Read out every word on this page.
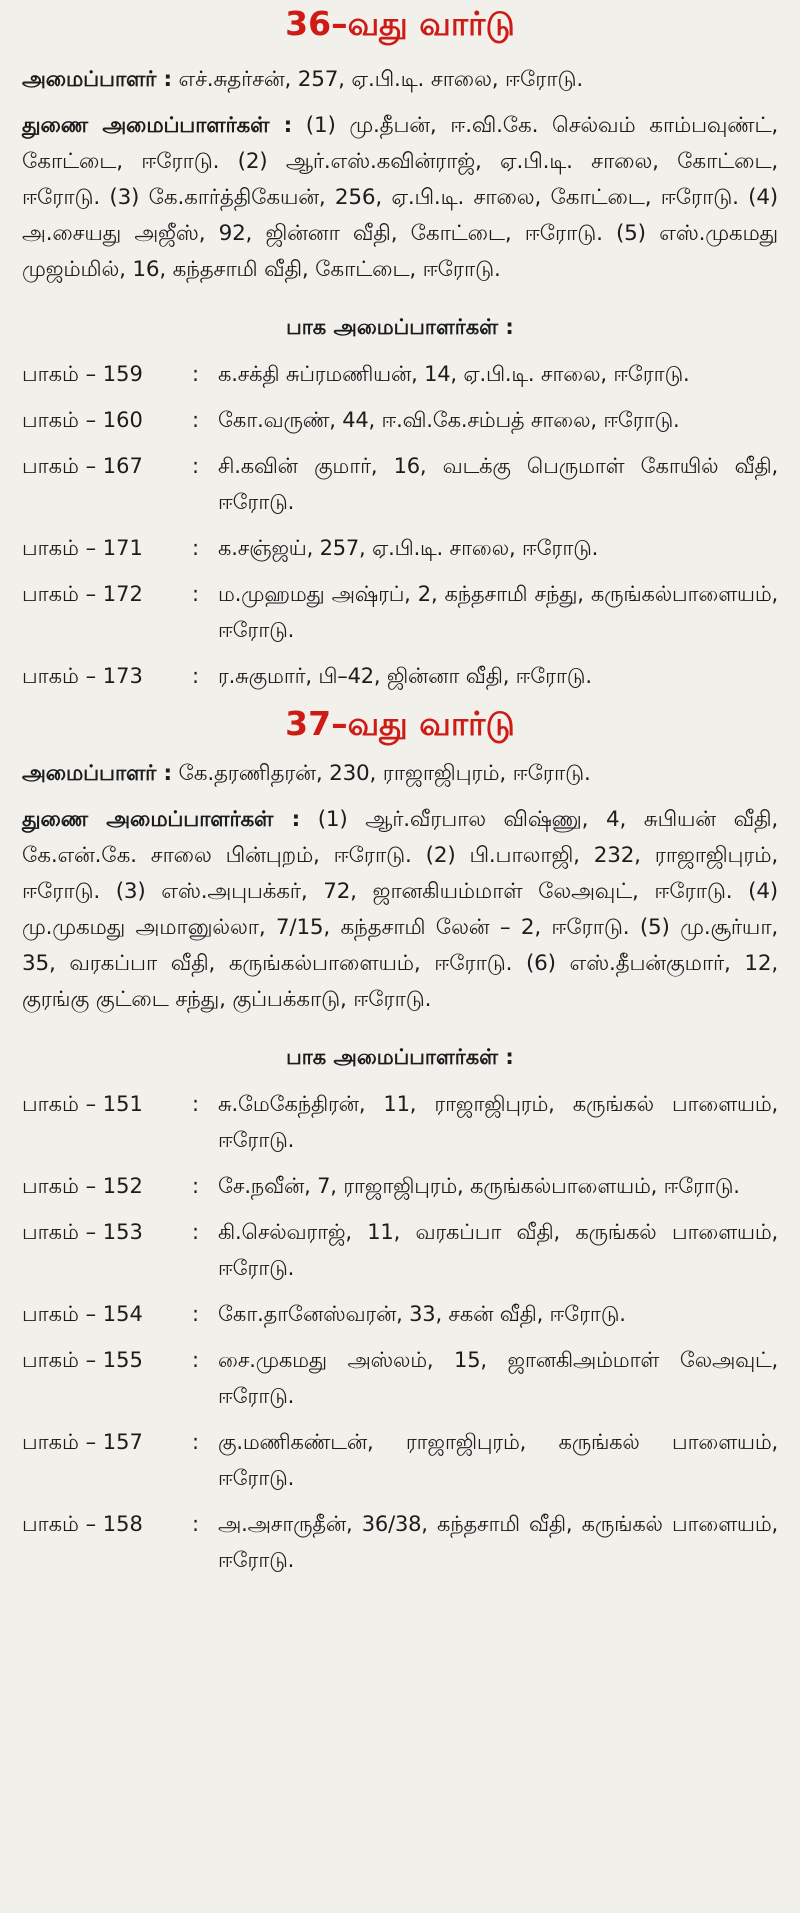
36–வது வார்டு

அமைப்பாளர் : எச்.சுதர்சன், 257, ஏ.பி.டி. சாலை, ஈரோடு.

துணை அமைப்பாளர்கள் : (1) மு.தீபன், ஈ.வி.கே. செல்வம் காம்பவுண்ட், கோட்டை, ஈரோடு. (2) ஆர்.எஸ்.கவின்ராஜ், ஏ.பி.டி. சாலை, கோட்டை, ஈரோடு. (3) கே.கார்த்திகேயன், 256, ஏ.பி.டி. சாலை, கோட்டை, ஈரோடு. (4) அ.சையது அஜீஸ், 92, ஜின்னா வீதி, கோட்டை, ஈரோடு. (5) எஸ்.முகமது முஜம்மில், 16, கந்தசாமி வீதி, கோட்டை, ஈரோடு.

பாக அமைப்பாளர்கள் :
பாகம் – 159	: க.சக்தி சுப்ரமணியன், 14, ஏ.பி.டி. சாலை, ஈரோடு.
பாகம் – 160	: கோ.வருண், 44, ஈ.வி.கே.சம்பத் சாலை, ஈரோடு.
பாகம் – 167	: சி.கவின் குமார், 16, வடக்கு பெருமாள் கோயில் வீதி, ஈரோடு.
பாகம் – 171	: க.சஞ்ஜய், 257, ஏ.பி.டி. சாலை, ஈரோடு.
பாகம் – 172	: ம.முஹமது அஷ்ரப், 2, கந்தசாமி சந்து, கருங்கல்பாளையம், ஈரோடு.
பாகம் – 173	: ர.சுகுமார், பி–42, ஜின்னா வீதி, ஈரோடு.
37–வது வார்டு

அமைப்பாளர் : கே.தரணிதரன், 230, ராஜாஜிபுரம், ஈரோடு.

துணை அமைப்பாளர்கள் : (1) ஆர்.வீரபால விஷ்ணு, 4, சுபியன் வீதி, கே.என்.கே. சாலை பின்புறம், ஈரோடு. (2) பி.பாலாஜி, 232, ராஜாஜிபுரம், ஈரோடு. (3) எஸ்.அபுபக்கர், 72, ஜானகியம்மாள் லேஅவுட், ஈரோடு. (4) மு.முகமது அமானுல்லா, 7/15, கந்தசாமி லேன் – 2, ஈரோடு. (5) மு.சூர்யா, 35, வரகப்பா வீதி, கருங்கல்பாளையம், ஈரோடு. (6) எஸ்.தீபன்குமார், 12, குரங்கு குட்டை சந்து, குப்பக்காடு, ஈரோடு.

பாக அமைப்பாளர்கள் :
பாகம் – 151	: சு.மேகேந்திரன், 11, ராஜாஜிபுரம், கருங்கல் பாளையம், ஈரோடு.
பாகம் – 152	: சே.நவீன், 7, ராஜாஜிபுரம், கருங்கல்பாளையம், ஈரோடு.
பாகம் – 153	: கி.செல்வராஜ், 11, வரகப்பா வீதி, கருங்கல் பாளையம், ஈரோடு.
பாகம் – 154	: கோ.தானேஸ்வரன், 33, சகன் வீதி, ஈரோடு.
பாகம் – 155	: சை.முகமது அஸ்லம், 15, ஜானகிஅம்மாள் லேஅவுட், ஈரோடு.
பாகம் – 157	: கு.மணிகண்டன், ராஜாஜிபுரம், கருங்கல் பாளையம், ஈரோடு.
பாகம் – 158	: அ.அசாருதீன், 36/38, கந்தசாமி வீதி, கருங்கல் பாளையம், ஈரோடு.
